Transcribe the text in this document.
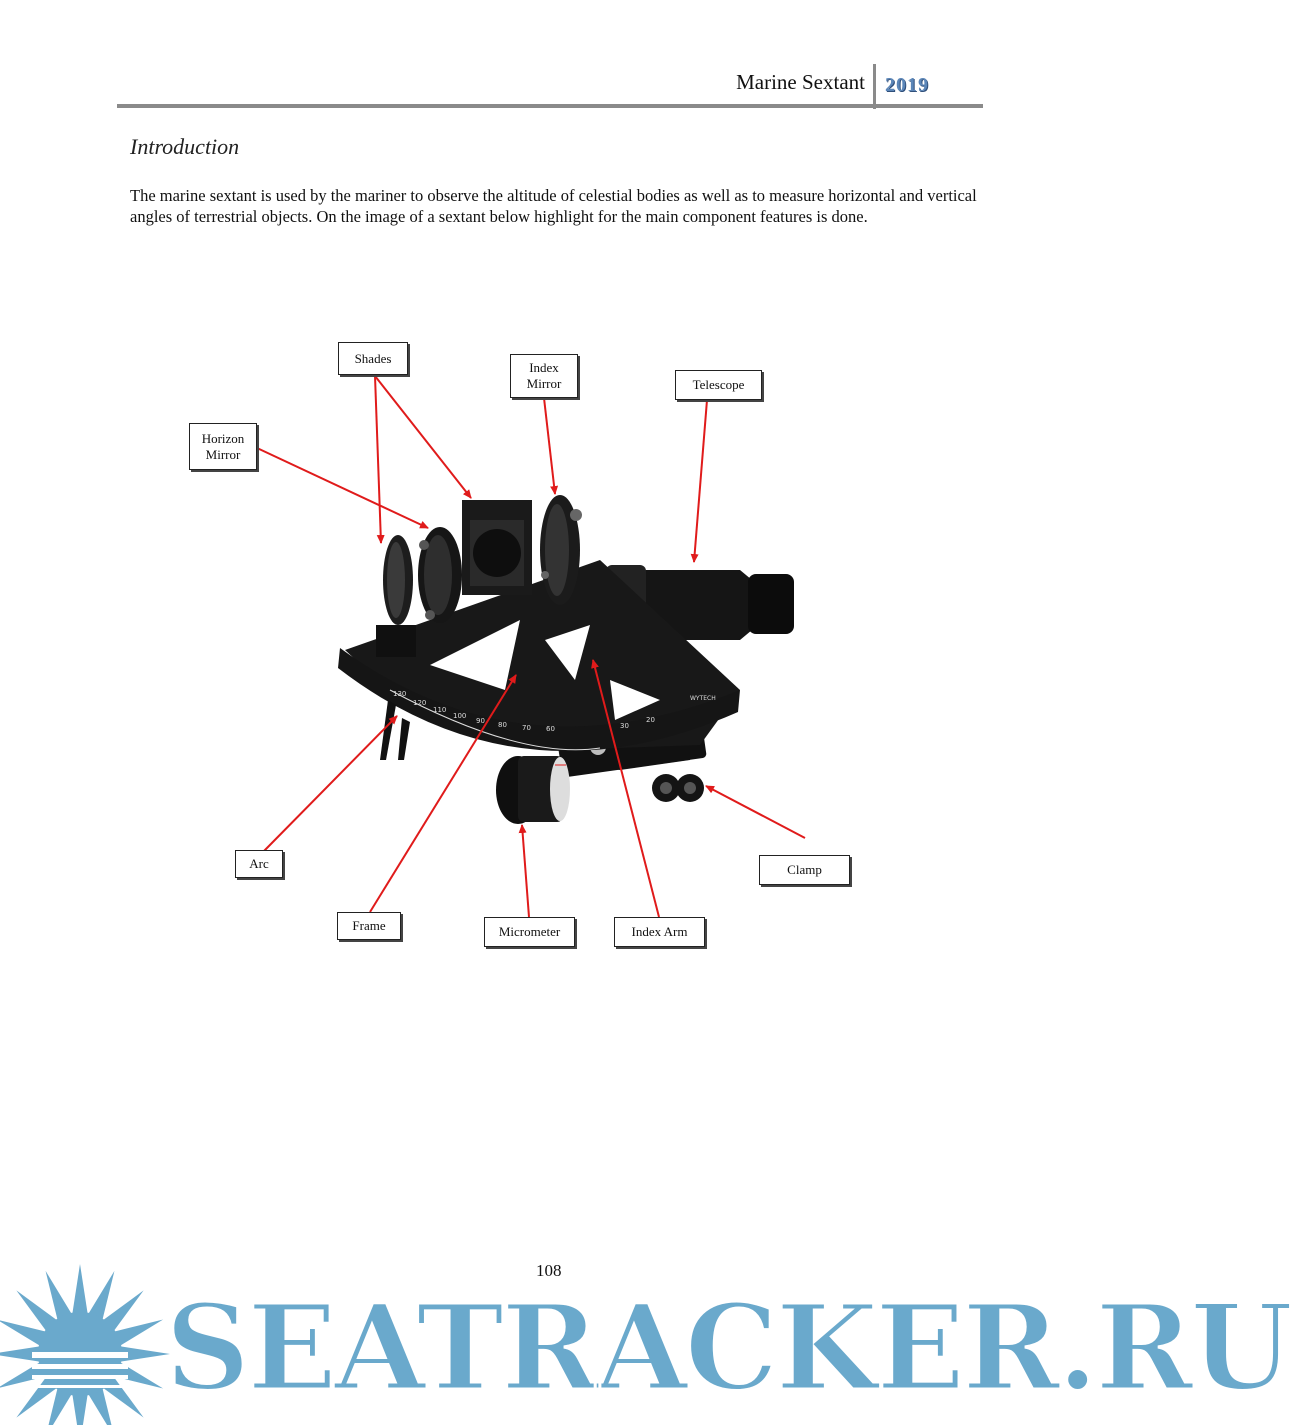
Marine Sextant 2019
Introduction
The marine sextant is used by the mariner to observe the altitude of celestial bodies as well as to measure horizontal and vertical angles of terrestrial objects. On the image of a sextant below highlight for the main component features is done.
130
120
110
100
90 80 70 60	30
20
WYTECH
Shades
Index
Mirror	Telescope
Horizon
Mirror
Arc
Frame	Micrometer	Index Arm
Clamp
SEATRACKER.RU
108
